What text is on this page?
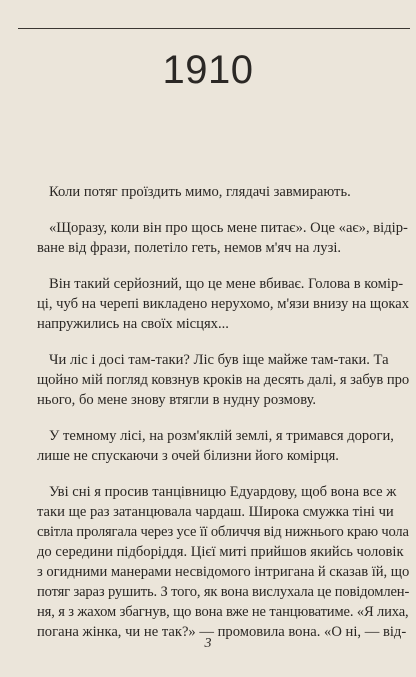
1910
Коли потяг проїздить мимо, глядачі завмирають.
«Щоразу, коли він про щось мене питає». Оце «ає», відір-
ване від фрази, полетіло геть, немов м'яч на лузі.
Він такий серйозний, що це мене вбиває. Голова в комір-
ці, чуб на черепі викладено нерухомо, м'язи внизу на щоках
напружились на своїх місцях...
Чи ліс і досі там-таки? Ліс був іще майже там-таки. Та
щойно мій погляд ковзнув кроків на десять далі, я забув про
нього, бо мене знову втягли в нудну розмову.
У темному лісі, на розм'яклій землі, я тримався дороги,
лише не спускаючи з очей білизни його комірця.
Уві сні я просив танцівницю Едуардову, щоб вона все ж
таки ще раз затанцювала чардаш. Широка смужка тіні чи
світла пролягала через усе її обличчя від нижнього краю чола
до середини підборіддя. Цієї миті прийшов якийсь чоловік
з огидними манерами несвідомого інтригана й сказав їй, що
потяг зараз рушить. З того, як вона вислухала це повідомлен-
ня, я з жахом збагнув, що вона вже не танцюватиме. «Я лиха,
погана жінка, чи не так?» — промовила вона. «О ні, — від-
3
